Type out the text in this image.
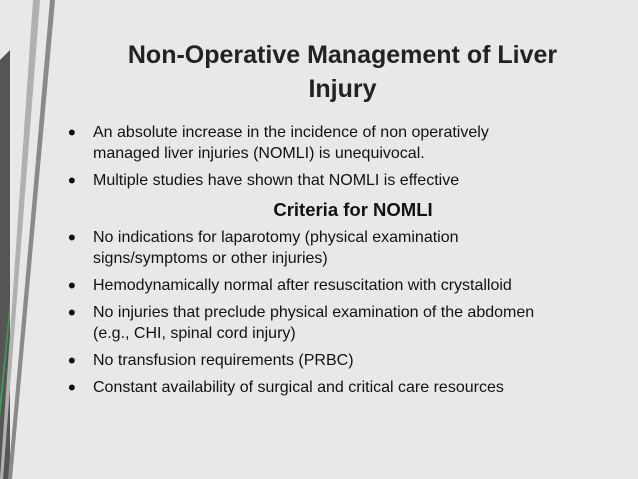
Non-Operative Management of Liver
Injury
•	An absolute increase in the incidence of non operatively
managed liver injuries (NOMLI) is unequivocal.
•	Multiple studies have shown that NOMLI is effective
Criteria for NOMLI
•	No indications for laparotomy (physical examination
signs/symptoms or other injuries)
•	Hemodynamically normal after resuscitation with crystalloid
•	No injuries that preclude physical examination of the abdomen
(e.g., CHI, spinal cord injury)
•	No transfusion requirements (PRBC)
•	Constant availability of surgical and critical care resources
